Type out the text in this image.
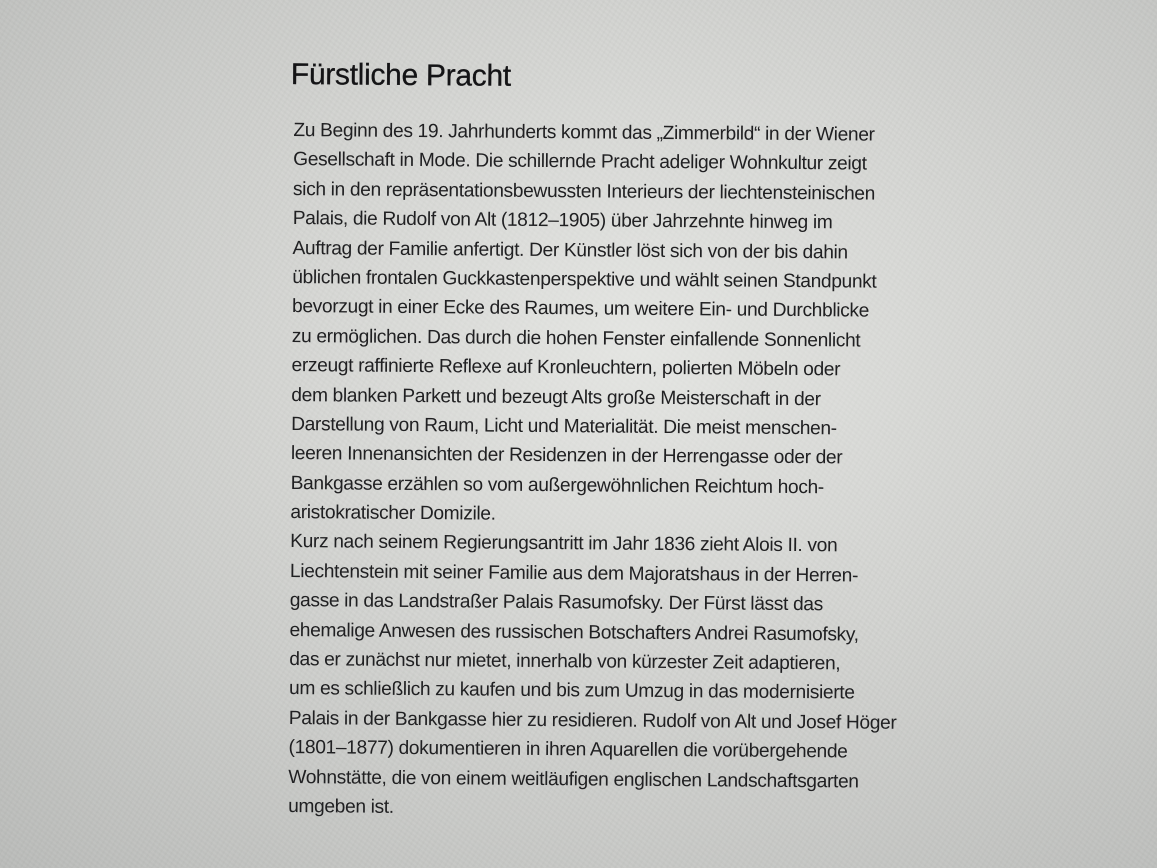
Fürstliche Pracht
Zu Beginn des 19. Jahrhunderts kommt das „Zimmerbild“ in der Wiener
Gesellschaft in Mode. Die schillernde Pracht adeliger Wohnkultur zeigt
sich in den repräsentationsbewussten Interieurs der liechtensteinischen
Palais, die Rudolf von Alt (1812–1905) über Jahrzehnte hinweg im
Auftrag der Familie anfertigt. Der Künstler löst sich von der bis dahin
üblichen frontalen Guckkastenperspektive und wählt seinen Standpunkt
bevorzugt in einer Ecke des Raumes, um weitere Ein- und Durchblicke
zu ermöglichen. Das durch die hohen Fenster einfallende Sonnenlicht
erzeugt raffinierte Reflexe auf Kronleuchtern, polierten Möbeln oder
dem blanken Parkett und bezeugt Alts große Meisterschaft in der
Darstellung von Raum, Licht und Materialität. Die meist menschen-
leeren Innenansichten der Residenzen in der Herrengasse oder der
Bankgasse erzählen so vom außergewöhnlichen Reichtum hoch-
aristokratischer Domizile.
Kurz nach seinem Regierungsantritt im Jahr 1836 zieht Alois II. von
Liechtenstein mit seiner Familie aus dem Majoratshaus in der Herren-
gasse in das Landstraßer Palais Rasumofsky. Der Fürst lässt das
ehemalige Anwesen des russischen Botschafters Andrei Rasumofsky,
das er zunächst nur mietet, innerhalb von kürzester Zeit adaptieren,
um es schließlich zu kaufen und bis zum Umzug in das modernisierte
Palais in der Bankgasse hier zu residieren. Rudolf von Alt und Josef Höger
(1801–1877) dokumentieren in ihren Aquarellen die vorübergehende
Wohnstätte, die von einem weitläufigen englischen Landschaftsgarten
umgeben ist.
